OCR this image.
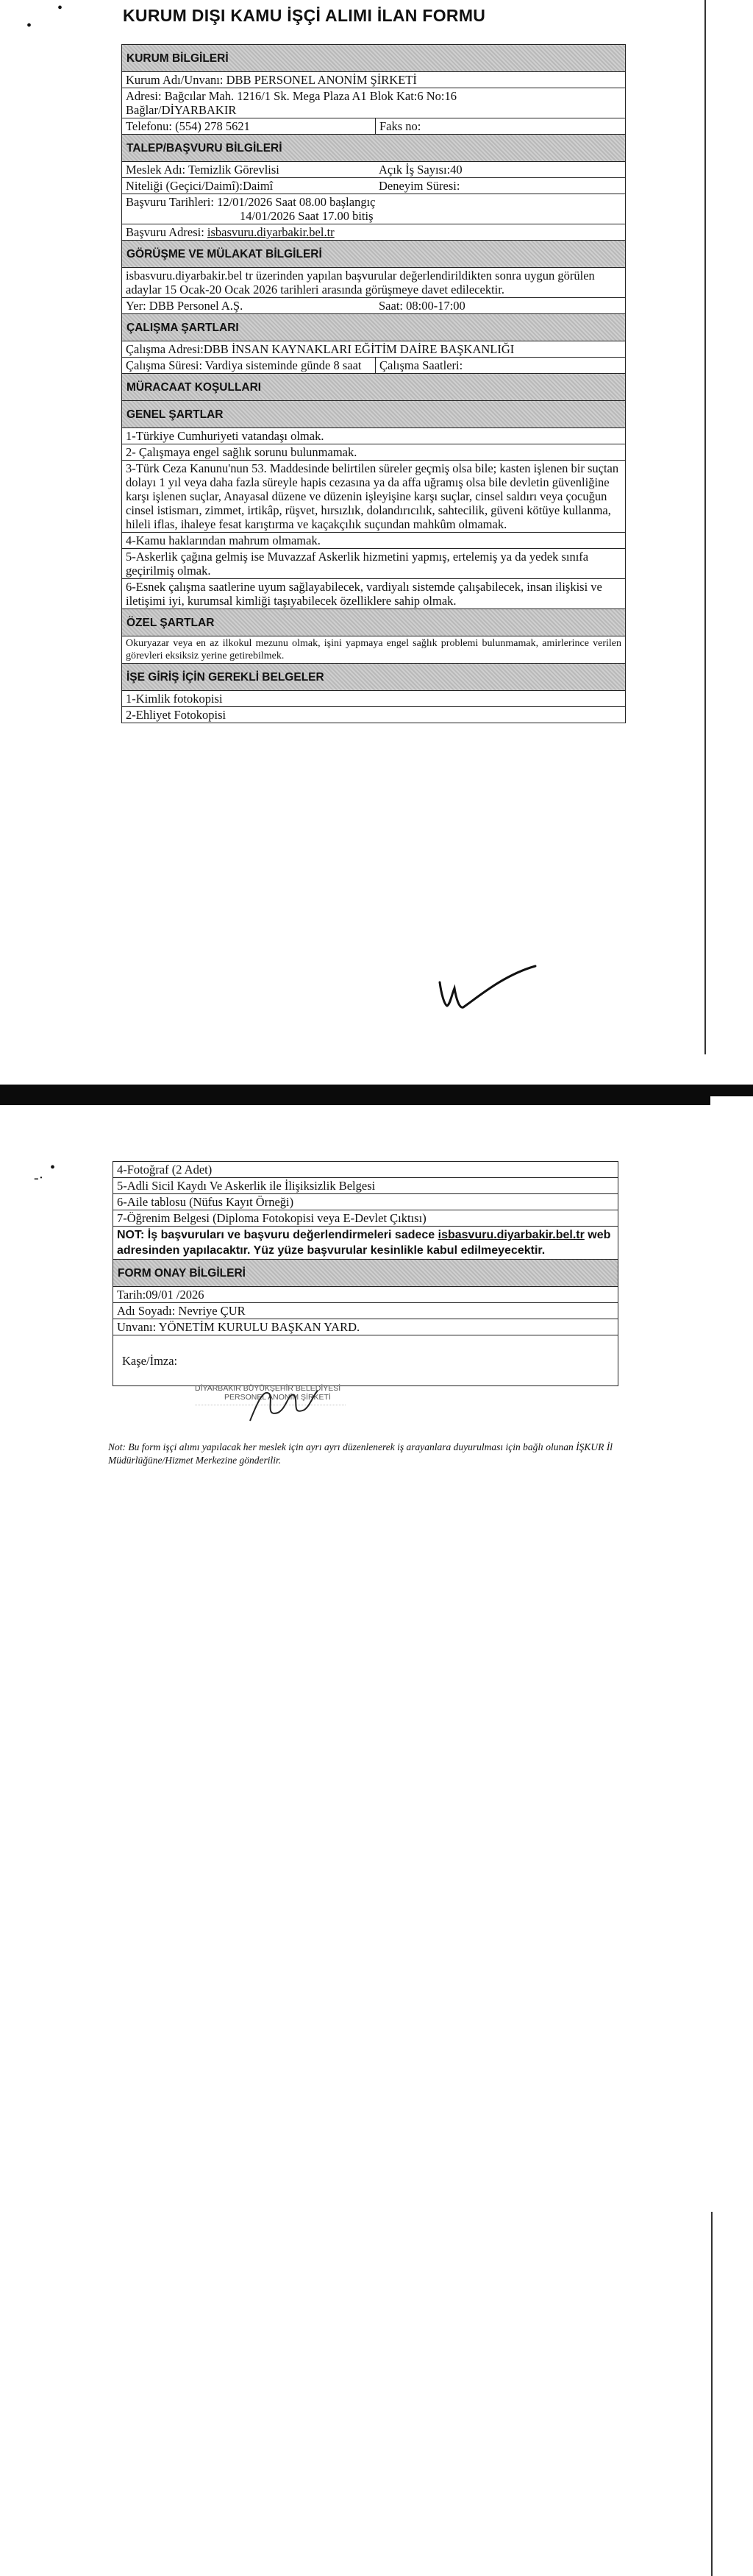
•
•
KURUM DIŞI KAMU İŞÇİ ALIMI İLAN FORMU
KURUM BİLGİLERİ
Kurum Adı/Unvanı: DBB PERSONEL ANONİM ŞİRKETİ
Adresi: Bağcılar Mah. 1216/1 Sk. Mega Plaza A1 Blok Kat:6 No:16 Bağlar/DİYARBAKIR
Telefonu: (554) 278 5621	Faks no:
TALEP/BAŞVURU BİLGİLERİ
Meslek Adı: Temizlik Görevlisi	Açık İş Sayısı:40
Niteliği (Geçici/Daimî):Daimî	Deneyim Süresi:
Başvuru Tarihleri: 12/01/2026 Saat 08.00 başlangıç
14/01/2026 Saat 17.00 bitiş
Başvuru Adresi: isbasvuru.diyarbakir.bel.tr
GÖRÜŞME VE MÜLAKAT BİLGİLERİ
isbasvuru.diyarbakir.bel tr üzerinden yapılan başvurular değerlendirildikten sonra uygun görülen adaylar 15 Ocak-20 Ocak 2026 tarihleri arasında görüşmeye davet edilecektir.
Yer: DBB Personel A.Ş.	Saat: 08:00-17:00
ÇALIŞMA ŞARTLARI
Çalışma Adresi:DBB İNSAN KAYNAKLARI EĞİTİM DAİRE BAŞKANLIĞI
Çalışma Süresi: Vardiya sisteminde günde 8 saat	Çalışma Saatleri:
MÜRACAAT KOŞULLARI
GENEL ŞARTLAR
1-Türkiye Cumhuriyeti vatandaşı olmak.
2- Çalışmaya engel sağlık sorunu bulunmamak.
3-Türk Ceza Kanunu'nun 53. Maddesinde belirtilen süreler geçmiş olsa bile; kasten işlenen bir suçtan dolayı 1 yıl veya daha fazla süreyle hapis cezasına ya da affa uğramış olsa bile devletin güvenliğine karşı işlenen suçlar, Anayasal düzene ve düzenin işleyişine karşı suçlar, cinsel saldırı veya çocuğun cinsel istismarı, zimmet, irtikâp, rüşvet, hırsızlık, dolandırıcılık, sahtecilik, güveni kötüye kullanma, hileli iflas, ihaleye fesat karıştırma ve kaçakçılık suçundan mahkûm olmamak.
4-Kamu haklarından mahrum olmamak.
5-Askerlik çağına gelmiş ise Muvazzaf Askerlik hizmetini yapmış, ertelemiş ya da yedek sınıfa geçirilmiş olmak.
6-Esnek çalışma saatlerine uyum sağlayabilecek, vardiyalı sistemde çalışabilecek, insan ilişkisi ve iletişimi iyi, kurumsal kimliği taşıyabilecek özelliklere sahip olmak.
ÖZEL ŞARTLAR
Okuryazar veya en az ilkokul mezunu olmak, işini yapmaya engel sağlık problemi bulunmamak, amirlerince verilen görevleri eksiksiz yerine getirebilmek.
İŞE GİRİŞ İÇİN GEREKLİ BELGELER
1-Kimlik fotokopisi
2-Ehliyet Fotokopisi
-·
•	4-Fotoğraf (2 Adet)
5-Adli Sicil Kaydı Ve Askerlik ile İlişiksizlik Belgesi
6-Aile tablosu (Nüfus Kayıt Örneği)
7-Öğrenim Belgesi (Diploma Fotokopisi veya E-Devlet Çıktısı)
NOT: İş başvuruları ve başvuru değerlendirmeleri sadece isbasvuru.diyarbakir.bel.tr web adresinden yapılacaktır. Yüz yüze başvurular kesinlikle kabul edilmeyecektir.
FORM ONAY BİLGİLERİ
Tarih:09/01 /2026
Adı Soyadı: Nevriye ÇUR
Unvanı: YÖNETİM KURULU BAŞKAN YARD.
Kaşe/İmza:
DİYARBAKIR BÜYÜKŞEHİR BELEDİYESİ
PERSONEL ANONİM ŞİRKETİ
Not: Bu form işçi alımı yapılacak her meslek için ayrı ayrı düzenlenerek iş arayanlara duyurulması için bağlı olunan İŞKUR İl Müdürlüğüne/Hizmet Merkezine gönderilir.
